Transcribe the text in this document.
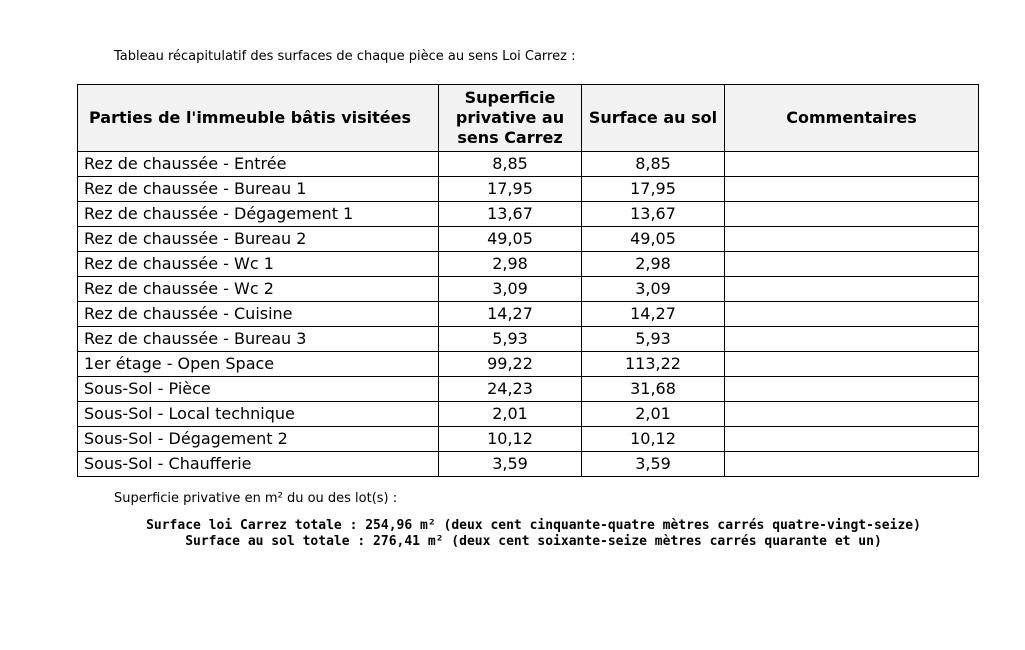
Tableau récapitulatif des surfaces de chaque pièce au sens Loi Carrez :
Parties de l'immeuble bâtis visitées	Superficie privative au sens Carrez	Surface au sol	Commentaires
Rez de chaussée - Entrée	8,85	8,85	
Rez de chaussée - Bureau 1	17,95	17,95	
Rez de chaussée - Dégagement 1	13,67	13,67	
Rez de chaussée - Bureau 2	49,05	49,05	
Rez de chaussée - Wc 1	2,98	2,98	
Rez de chaussée - Wc 2	3,09	3,09	
Rez de chaussée - Cuisine	14,27	14,27	
Rez de chaussée - Bureau 3	5,93	5,93	
1er étage - Open Space	99,22	113,22	
Sous-Sol - Pièce	24,23	31,68	
Sous-Sol - Local technique	2,01	2,01	
Sous-Sol - Dégagement 2	10,12	10,12	
Sous-Sol - Chaufferie	3,59	3,59	
Superficie privative en m² du ou des lot(s) :
Surface loi Carrez totale : 254,96 m² (deux cent cinquante-quatre mètres carrés quatre-vingt-seize)
Surface au sol totale : 276,41 m² (deux cent soixante-seize mètres carrés quarante et un)
